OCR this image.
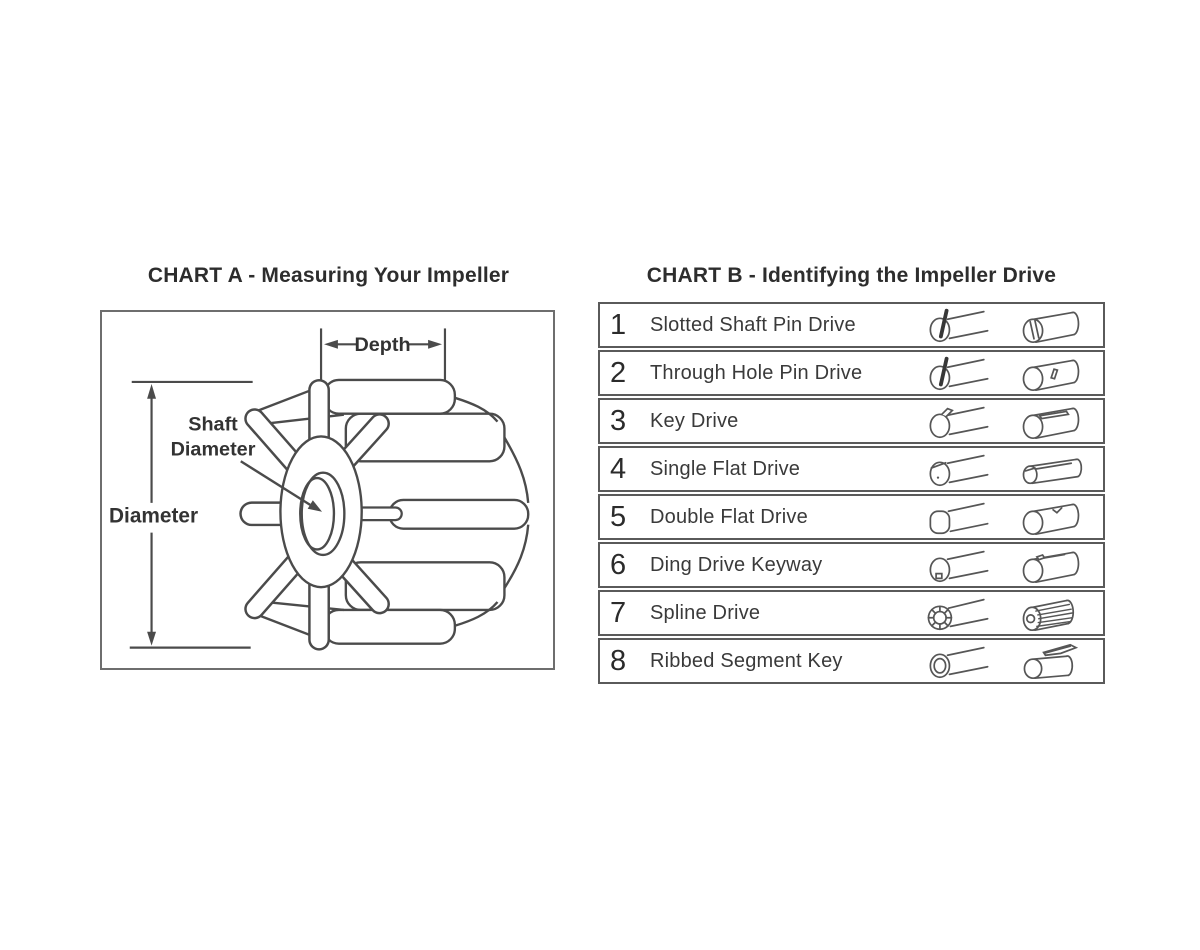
CHART A - Measuring Your Impeller	CHART B - Identifying the Impeller Drive
Depth
Diameter
Shaft
Diameter
1	Slotted Shaft Pin Drive
2	Through Hole Pin Drive
3	Key Drive
4	Single Flat Drive
5	Double Flat Drive
6	Ding Drive Keyway
7	Spline Drive
8	Ribbed Segment Key
